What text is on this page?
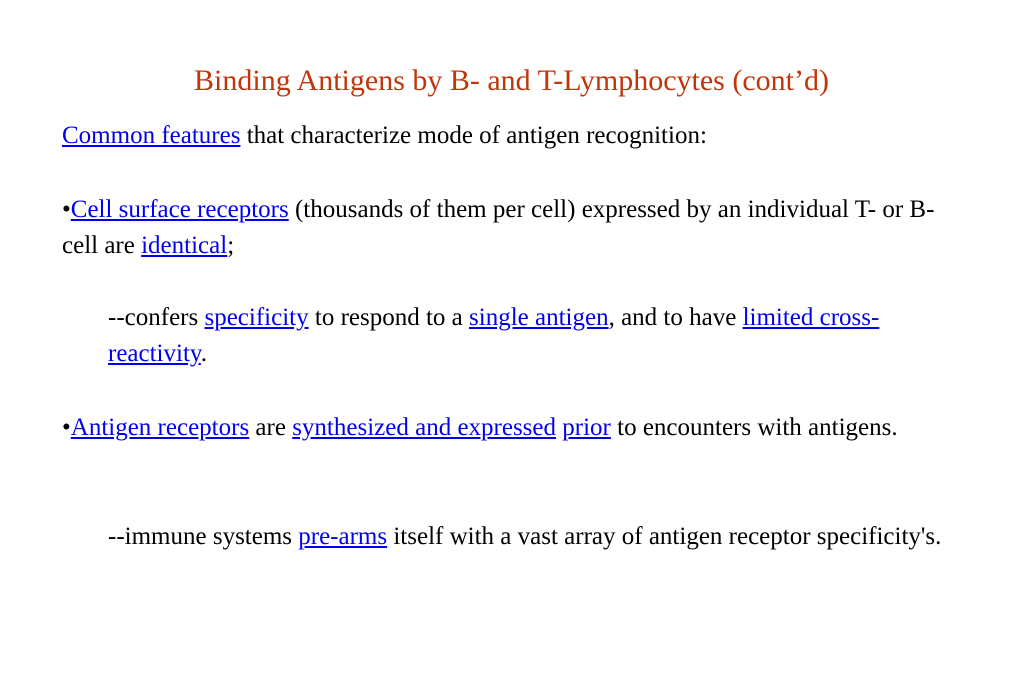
Binding Antigens by B- and T-Lymphocytes (cont’d)
Common features that characterize mode of antigen recognition:
•Cell surface receptors (thousands of them per cell) expressed by an individual T- or B-cell are identical;
--confers specificity to respond to a single antigen, and to have limited cross-reactivity.
•Antigen receptors are synthesized and expressed prior to encounters with antigens.
--immune systems pre-arms itself with a vast array of antigen receptor specificity's.
